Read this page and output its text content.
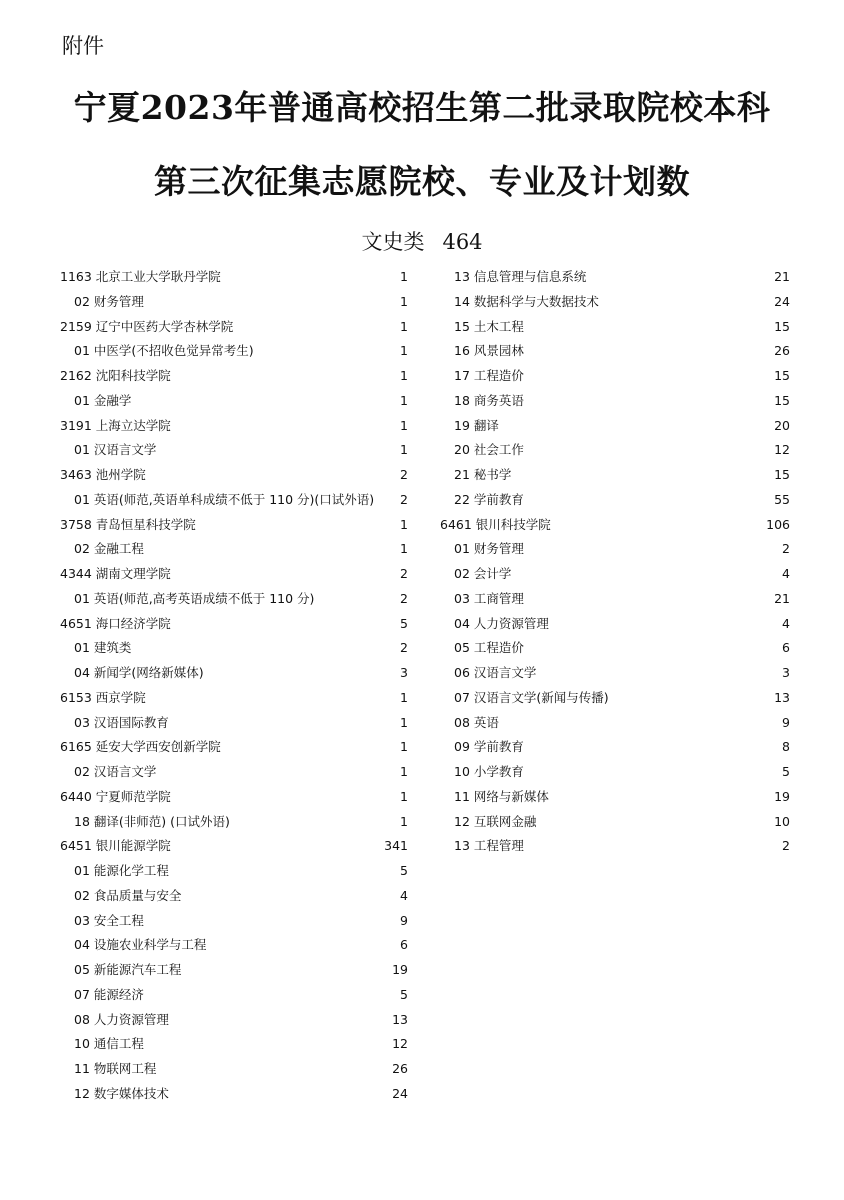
附件
宁夏2023年普通高校招生第二批录取院校本科
第三次征集志愿院校、专业及计划数
文史类 464
1163 北京工业大学耿丹学院	1
02 财务管理	1
2159 辽宁中医药大学杏林学院	1
01 中医学(不招收色觉异常考生)	1
2162 沈阳科技学院	1
01 金融学	1
3191 上海立达学院	1
01 汉语言文学	1
3463 池州学院	2
01 英语(师范,英语单科成绩不低于 110 分)(口试外语) 2
3758 青岛恒星科技学院	1
02 金融工程	1
4344 湖南文理学院	2
01 英语(师范,高考英语成绩不低于 110 分)	2
4651 海口经济学院	5
01 建筑类	2
04 新闻学(网络新媒体)	3
6153 西京学院	1
03 汉语国际教育	1
6165 延安大学西安创新学院	1
02 汉语言文学	1
6440 宁夏师范学院	1
18 翻译(非师范) (口试外语)	1
6451 银川能源学院	341
01 能源化学工程	5
02 食品质量与安全	4
03 安全工程	9
04 设施农业科学与工程	6
05 新能源汽车工程	19
07 能源经济	5
08 人力资源管理	13
10 通信工程	12
11 物联网工程	26
12 数字媒体技术	24
13 信息管理与信息系统	21
14 数据科学与大数据技术	24
15 土木工程	15
16 风景园林	26
17 工程造价	15
18 商务英语	15
19 翻译	20
20 社会工作	12
21 秘书学	15
22 学前教育	55
6461 银川科技学院	106
01 财务管理	2
02 会计学	4
03 工商管理	21
04 人力资源管理	4
05 工程造价	6
06 汉语言文学	3
07 汉语言文学(新闻与传播)	13
08 英语	9
09 学前教育	8
10 小学教育	5
11 网络与新媒体	19
12 互联网金融	10
13 工程管理	2
